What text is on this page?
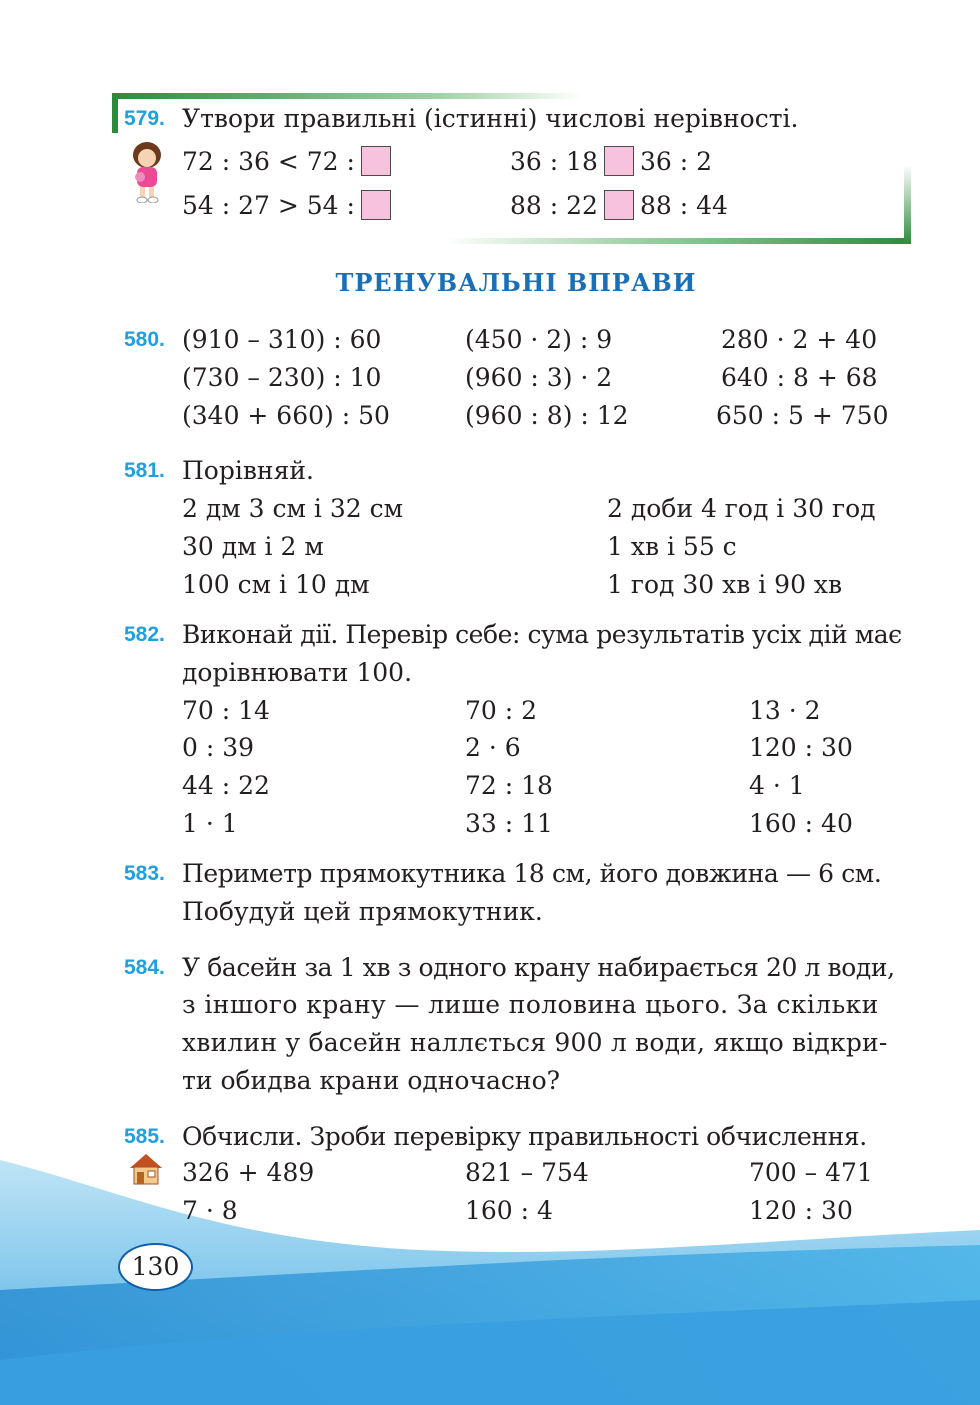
579. Утвори правильні (істинні) числові нерівності.
72 : 36 < 72 :	36 : 18 36 : 2
54 : 27 > 54 :	88 : 22 88 : 44
ТРЕНУВАЛЬНІ ВПРАВИ
580. (910 – 310) : 60
(730 – 230) : 10
(340 + 660) : 50
(450 · 2) : 9
(960 : 3) · 2
(960 : 8) : 12
280 · 2 + 40
640 : 8 + 68
650 : 5 + 750
581. Порівняй.
2 дм 3 см і 32 см
30 дм і 2 м
100 см і 10 дм
2 доби 4 год і 30 год
1 хв і 55 с
1 год 30 хв і 90 хв
582. Виконай дії. Перевір себе: сума результатів усіх дій має
дорівнювати 100.
70 : 14
0 : 39
44 : 22
1 · 1
70 : 2
2 · 6
72 : 18
33 : 11
13 · 2
120 : 30
4 · 1
160 : 40
583. Периметр прямокутника 18 см, його довжина — 6 см.
Побудуй цей прямокутник.
584. У басейн за 1 хв з одного крану набирається 20 л води,
з іншого крану — лише половина цього. За скільки
хвилин у басейн наллється 900 л води, якщо відкри-
ти обидва крани одночасно?
585. Обчисли. Зроби перевірку правильності обчислення.
326 + 489
7 · 8
821 – 754
160 : 4
700 – 471
120 : 30
130
